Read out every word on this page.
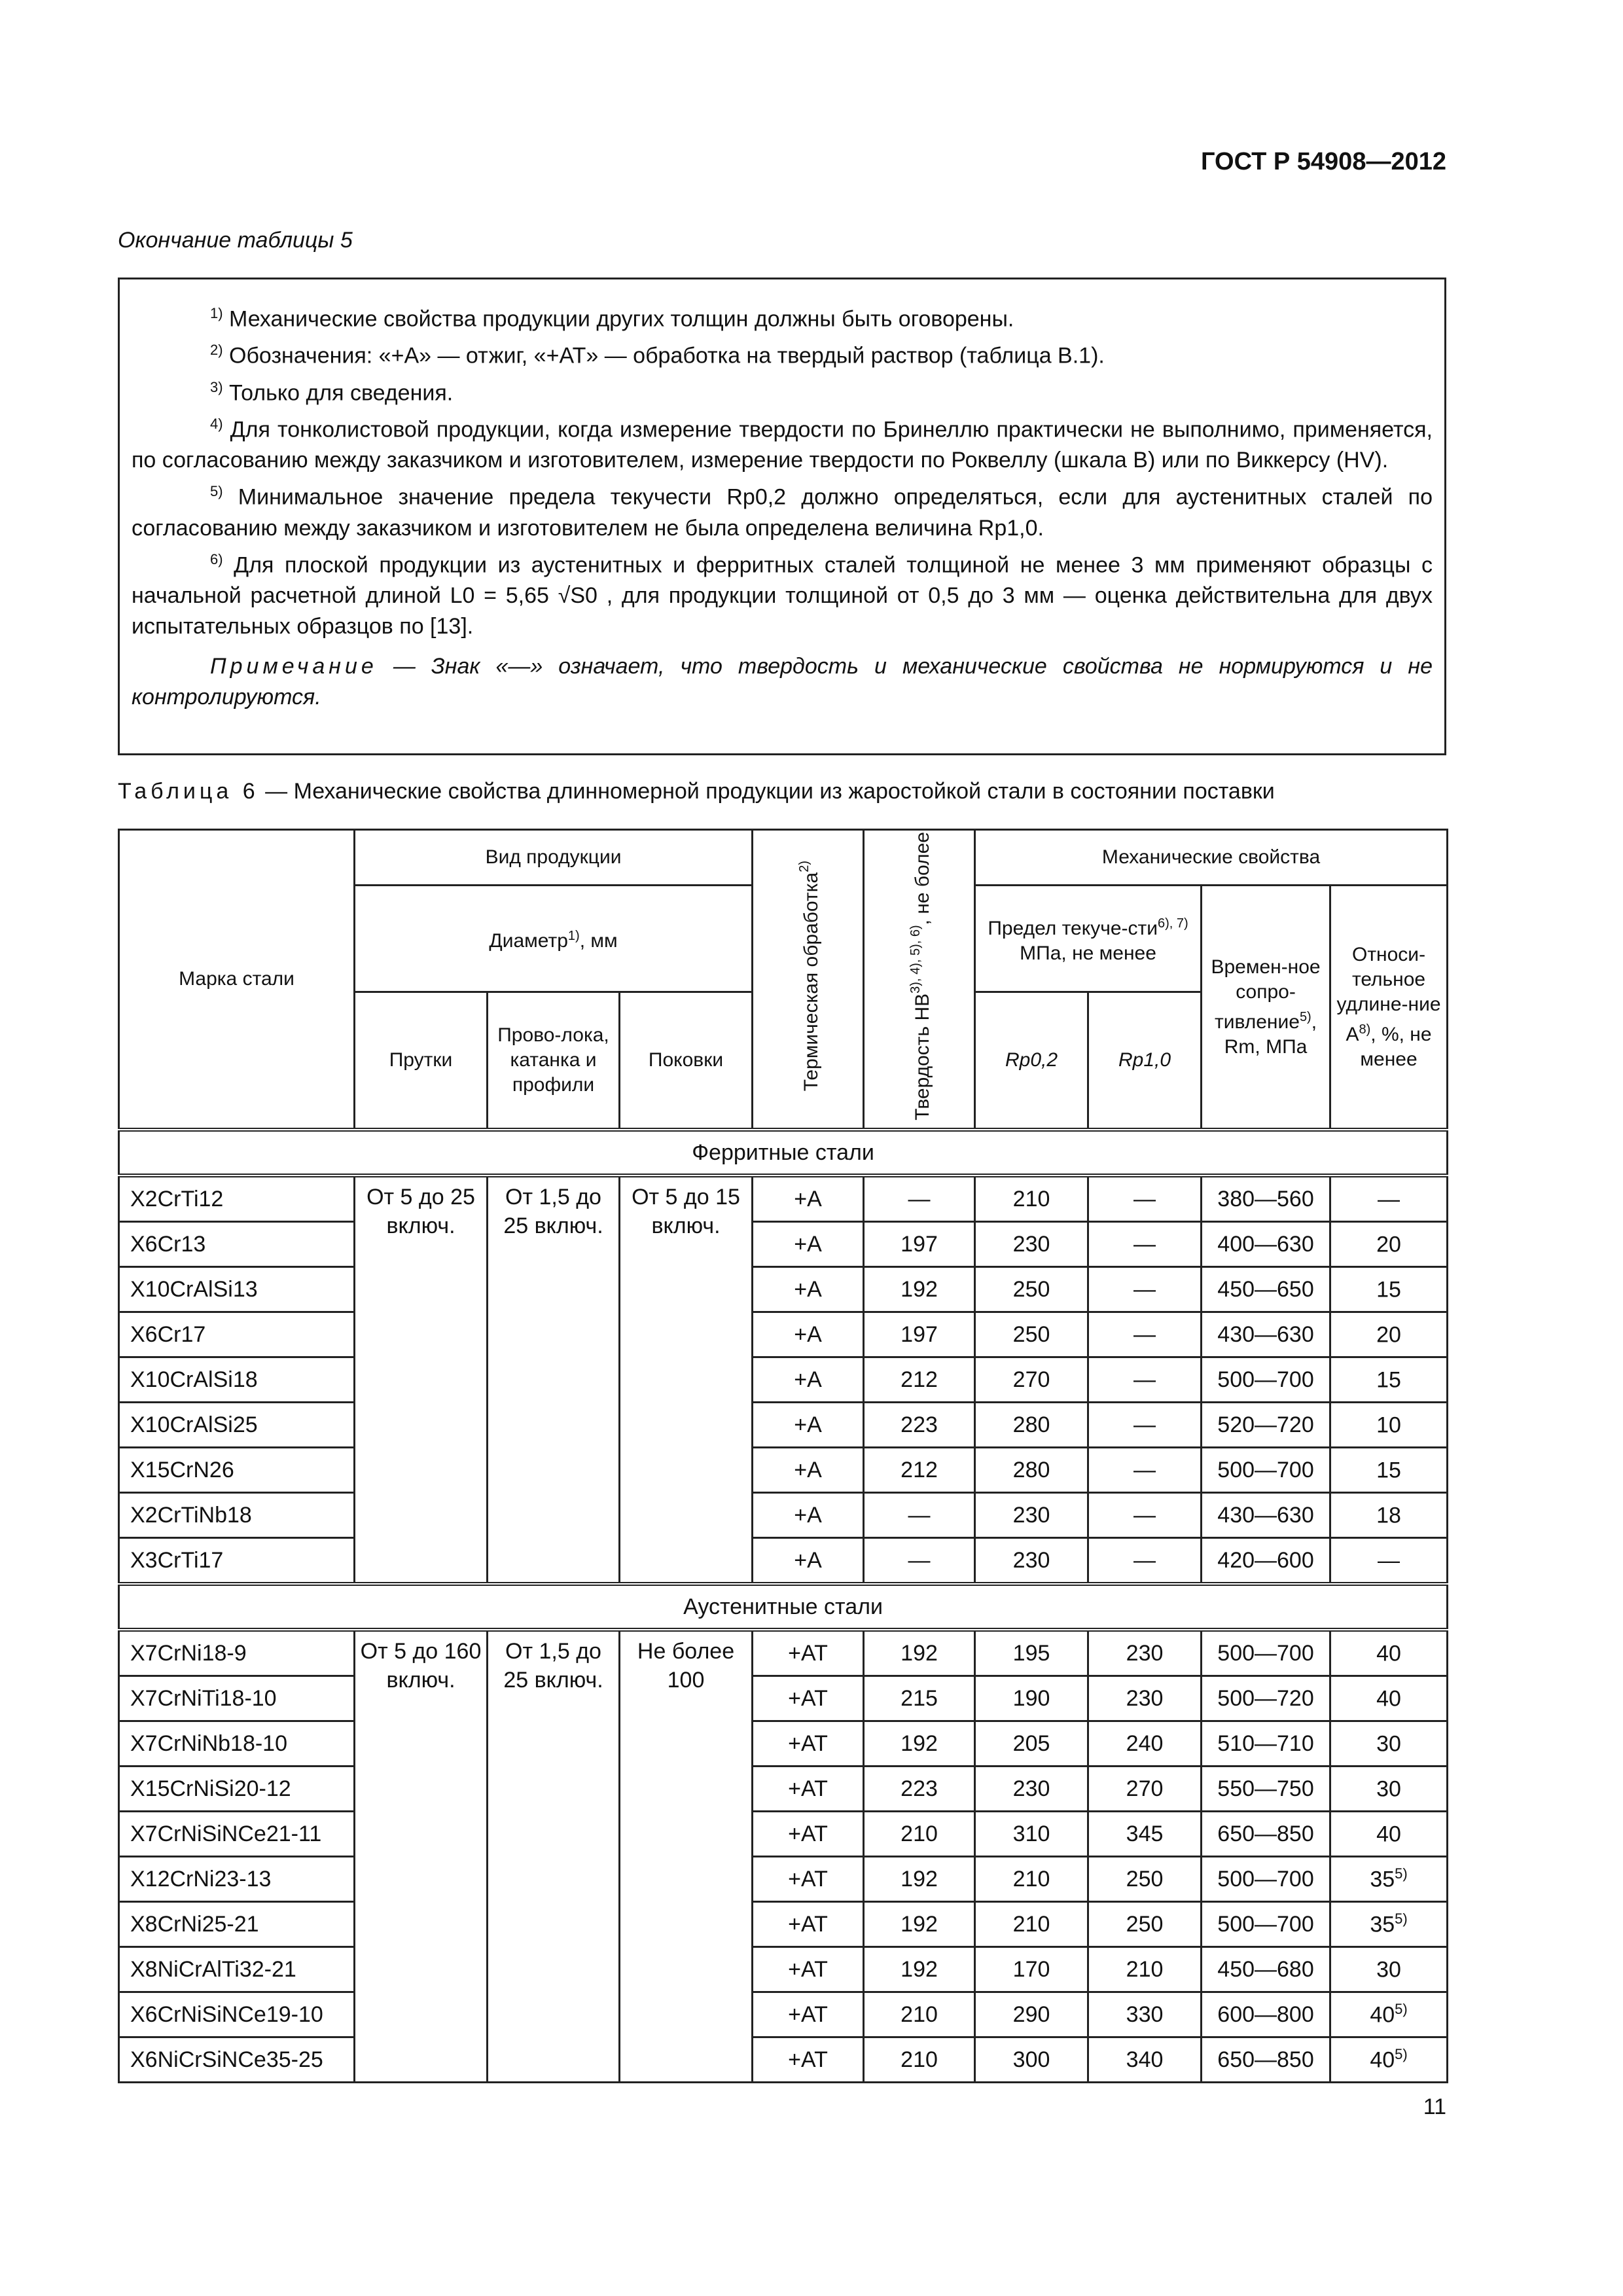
ГОСТ Р 54908—2012
Окончание таблицы 5

$^{1)}$ Механические свойства продукции других толщин должны быть оговорены.

$^{2)}$ Обозначения: «+A» — отжиг, «+AT» — обработка на твердый раствор (таблица В.1).

$^{3)}$ Только для сведения.

$^{4)}$ Для тонколистовой продукции, когда измерение твердости по Бринеллю практически не выполнимо, применяется, по согласованию между заказчиком и изготовителем, измерение твердости по Роквеллу (шкала В) или по Виккерсу (HV).

$^{5)}$ Минимальное значение предела текучести Rp0,2 должно определяться, если для аустенитных сталей по согласованию между заказчиком и изготовителем не была определена величина Rp1,0.

$^{6)}$ Для плоской продукции из аустенитных и ферритных сталей толщиной не менее 3 мм применяют образцы с начальной расчетной длиной L0 = 5,65 √S0 , для продукции толщиной от 0,5 до 3 мм — оценка действительна для двух испытательных образцов по [13].

Примечание — Знак «—» означает, что твердость и механические свойства не нормируются и не контролируются.

Таблица 6 — Механические свойства длинномерной продукции из жаростойкой стали в состоянии поставки
Марка стали	Вид продукции			Термическая обработка$^{2)}$	Твердость $HB^{3), 4), 5), 6)}$, не более	Механические свойства			
	Диаметр$^{1)}$, мм					Предел текуче-сти$^{6), 7)}$ МПа, не менее		Времен-ное сопро-тивление$^{5)}$, Rm, МПа	Относи-тельное удлине-ние $А^{8)}$, %, не менее
	Прутки	Прово-лока, катанка и профили	Поковки			Rp0,2	Rp1,0		
Ферритные стали									
X2CrTi12	От 5 до 25 включ.	От 1,5 до 25 включ.	От 5 до 15 включ.	+A	—	210	—	380—560	—
X6Cr13				+A	197	230	—	400—630	20
X10CrAlSi13				+A	192	250	—	450—650	15
X6Cr17				+A	197	250	—	430—630	20
X10CrAlSi18				+A	212	270	—	500—700	15
X10CrAlSi25				+A	223	280	—	520—720	10
X15CrN26				+A	212	280	—	500—700	15
X2CrTiNb18				+A	—	230	—	430—630	18
X3CrTi17				+A	—	230	—	420—600	—
Аустенитные стали									
X7CrNi18-9	От 5 до 160 включ.	От 1,5 до 25 включ.	Не более 100	+AT	192	195	230	500—700	40
X7CrNiTi18-10				+AT	215	190	230	500—720	40
X7CrNiNb18-10				+AT	192	205	240	510—710	30
X15CrNiSi20-12				+AT	223	230	270	550—750	30
X7CrNiSiNCe21-11				+AT	210	310	345	650—850	40
X12CrNi23-13				+AT	192	210	250	500—700	35$^{5)}$
X8CrNi25-21				+AT	192	210	250	500—700	35$^{5)}$
X8NiCrAlTi32-21				+AT	192	170	210	450—680	30
X6CrNiSiNCe19-10				+AT	210	290	330	600—800	40$^{5)}$
X6NiCrSiNCe35-25				+AT	210	300	340	650—850	40$^{5)}$
11
